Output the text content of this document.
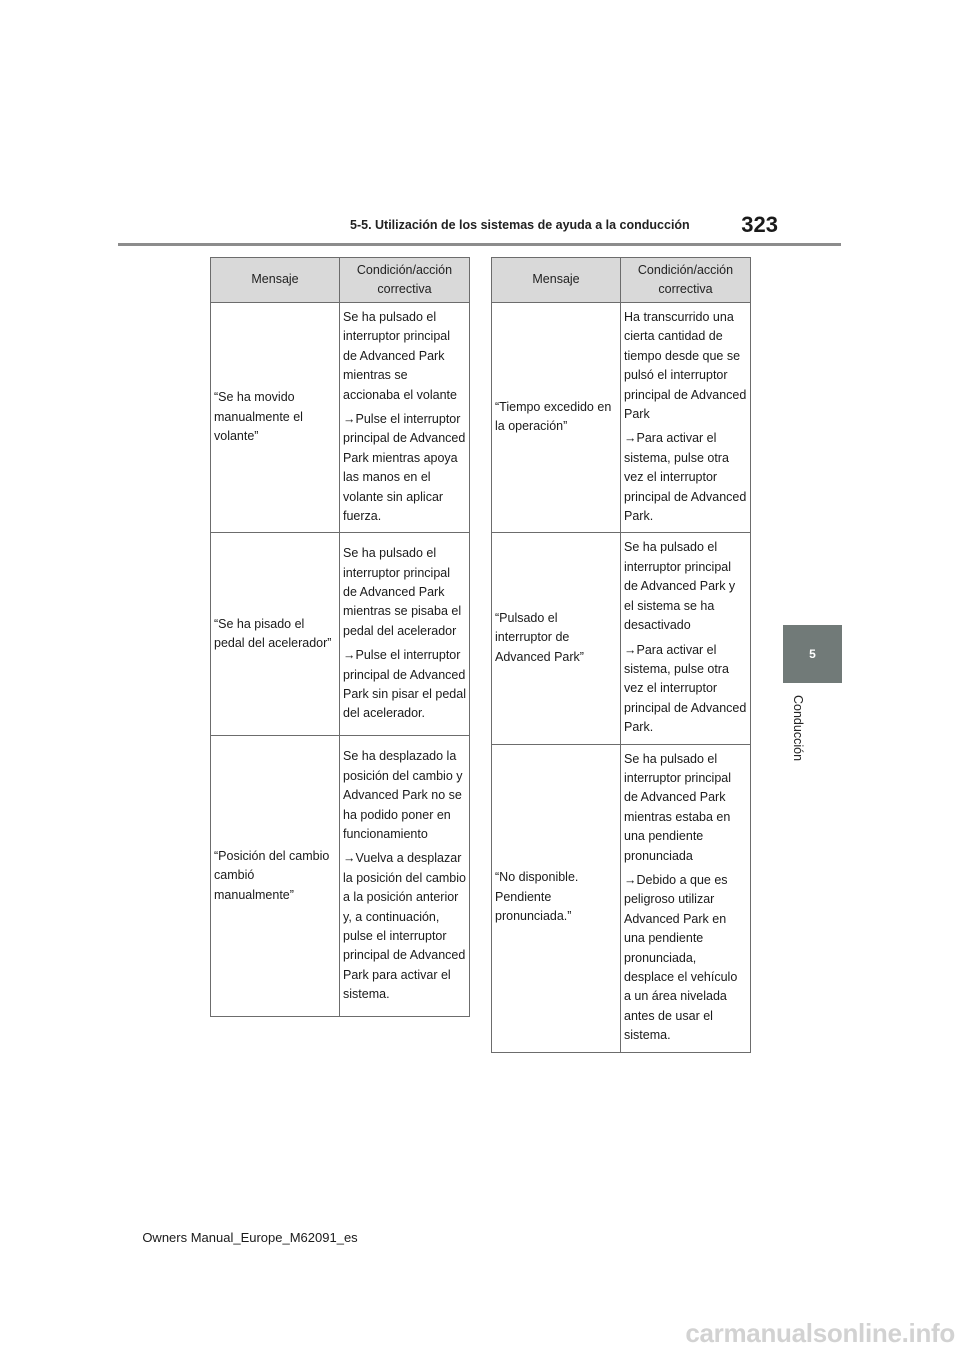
5-5. Utilización de los sistemas de ayuda a la conducción	323
5
Conducción
Mensaje	Condición/acción correctiva

“Se ha movido manualmente el volante”	Se ha pulsado el interruptor principal de Advanced Park mientras se accionaba el volante

→Pulse el interruptor principal de Advanced Park mientras apoya las manos en el volante sin aplicar fuerza.

“Se ha pisado el pedal del acelerador”	Se ha pulsado el interruptor principal de Advanced Park mientras se pisaba el pedal del acelerador

→Pulse el interruptor principal de Advanced Park sin pisar el pedal del acelerador.

“Posición del cambio cambió manualmente”	Se ha desplazado la posición del cambio y Advanced Park no se ha podido poner en funcionamiento

→Vuelva a desplazar la posición del cambio a la posición anterior y, a continuación, pulse el interruptor principal de Advanced Park para activar el sistema.

Mensaje	Condición/acción correctiva

“Tiempo excedido en la operación”	Ha transcurrido una cierta cantidad de tiempo desde que se pulsó el interruptor principal de Advanced Park

→Para activar el sistema, pulse otra vez el interruptor principal de Advanced Park.

“Pulsado el interruptor de Advanced Park”	Se ha pulsado el interruptor principal de Advanced Park y el sistema se ha desactivado

→Para activar el sistema, pulse otra vez el interruptor principal de Advanced Park.

“No disponible. Pendiente pronunciada.”	Se ha pulsado el interruptor principal de Advanced Park mientras estaba en una pendiente pronunciada

→Debido a que es peligroso utilizar Advanced Park en una pendiente pronunciada, desplace el vehículo a un área nivelada antes de usar el sistema.

Owners Manual_Europe_M62091_es
carmanualsonline.info
